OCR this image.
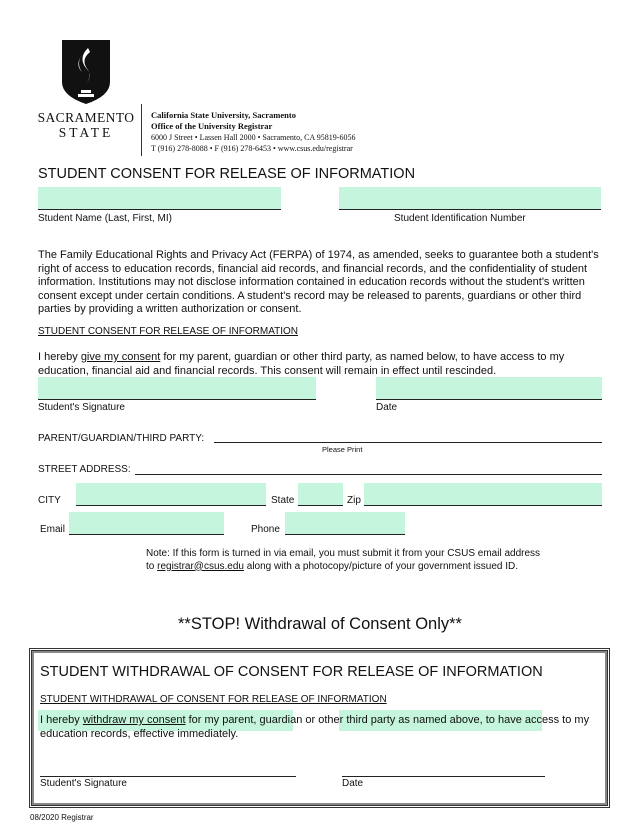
SACRAMENTO
STATE
California State University, Sacramento
Office of the University Registrar
6000 J Street • Lassen Hall 2000 • Sacramento, CA 95819-6056
T (916) 278-8088 • F (916) 278-6453 • www.csus.edu/registrar
STUDENT CONSENT FOR RELEASE OF INFORMATION
Student Name (Last, First, MI)	Student Identification Number
The Family Educational Rights and Privacy Act (FERPA) of 1974, as amended, seeks to guarantee both a student's right of access to education records, financial aid records, and financial records, and the confidentiality of student information. Institutions may not disclose information contained in education records without the student's written consent except under certain conditions. A student's record may be released to parents, guardians or other third parties by providing a written authorization or consent.
STUDENT CONSENT FOR RELEASE OF INFORMATION
I hereby give my consent for my parent, guardian or other third party, as named below, to have access to my education, financial aid and financial records. This consent will remain in effect until rescinded.
Student's Signature	Date
PARENT/GUARDIAN/THIRD PARTY:
Please Print
STREET ADDRESS:
CITY	State	Zip
Email	Phone
Note: If this form is turned in via email, you must submit it from your CSUS email address
to registrar@csus.edu along with a photocopy/picture of your government issued ID.
**STOP! Withdrawal of Consent Only**
STUDENT WITHDRAWAL OF CONSENT FOR RELEASE OF INFORMATION
STUDENT WITHDRAWAL OF CONSENT FOR RELEASE OF INFORMATION
I hereby withdraw my consent for my parent, guardian or other third party as named above, to have access to my education records, effective immediately.
Student's Signature	Date
08/2020 Registrar
